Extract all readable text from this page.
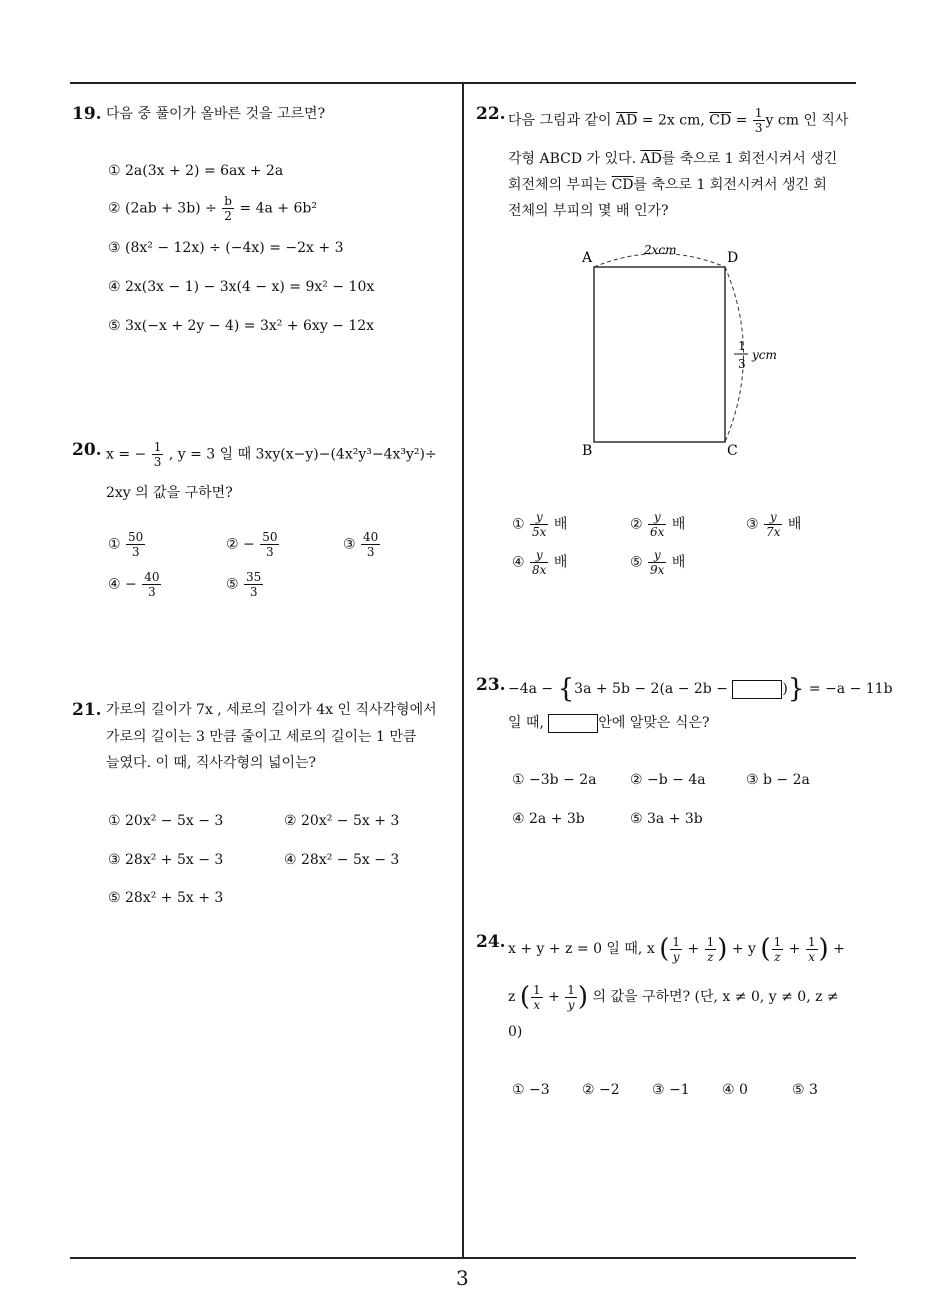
3
19. 다음 중 풀이가 올바른 것을 고르면?
① 2a(3x + 2) = 6ax + 2a
② $(2ab + 3b) \div \frac{b}{2} = 4a + 6b^2$
③ (8x² − 12x) ÷ (−4x) = −2x + 3
④ 2x(3x − 1) − 3x(4 − x) = 9x² − 10x
⑤ 3x(−x + 2y − 4) = 3x² + 6xy − 12x
20. x = − $\frac{1}{3}$ , y = 3 일 때 3xy(x−y)−(4x²y³−4x³y²)÷
2xy 의 값을 구하면?
① $\frac{50}{3}$	② − $\frac{50}{3}$	③ $\frac{40}{3}$
④ − $\frac{40}{3}$	⑤ $\frac{35}{3}$
21. 가로의 길이가 7x , 세로의 길이가 4x 인 직사각형에서
가로의 길이는 3 만큼 줄이고 세로의 길이는 1 만큼
늘였다. 이 때, 직사각형의 넓이는?
① 20x² − 5x − 3	② 20x² − 5x + 3
③ 28x² + 5x − 3	④ 28x² − 5x − 3
⑤ 28x² + 5x + 3
22. 다음 그림과 같이 $\overline{AD} = 2x$ cm, $\overline{CD} = \frac{1}{3}$ y cm 인 직사
각형 ABCD 가 있다. $\overline{AD}$를 축으로 1 회전시켜서 생긴
회전체의 부피는 $\overline{CD}$를 축으로 1 회전시켜서 생긴 회
전체의 부피의 몇 배 인가?
A	D
B	C
2xcm
1
3
ycm
① $\frac{y}{5x}$ 배	② $\frac{y}{6x}$ 배	③ $\frac{y}{7x}$ 배
④ $\frac{y}{8x}$ 배	⑤ $\frac{y}{9x}$ 배
23. −4a − {3a + 5b − 2(a − 2b −	)} = −a − 11b
일 때,	안에 알맞은 식은?
① −3b − 2a ② −b − 4a	③ b − 2a
④ 2a + 3b	⑤ 3a + 3b
24. x + y + z = 0 일 때, x ( $\frac{1}{y} + \frac{1}{z}$ ) + y ( $\frac{1}{z} + \frac{1}{x}$ ) +
z ( $\frac{1}{x} + \frac{1}{y}$ ) 의 값을 구하면? (단, x ≠ 0, y ≠ 0, z ≠
0)
① −3 ② −2 ③ −1 ④ 0	⑤ 3
